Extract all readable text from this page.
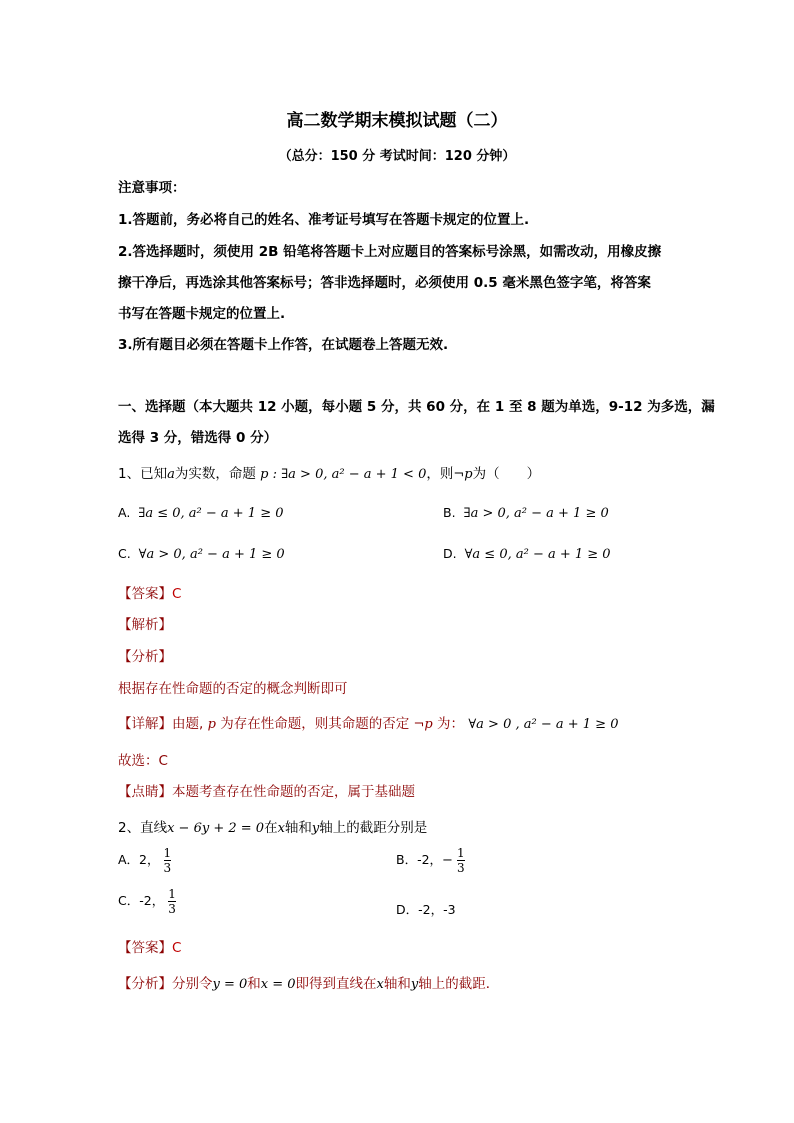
高二数学期末模拟试题（二）
（总分：150 分 考试时间：120 分钟）
注意事项：
1.答题前，务必将自己的姓名、准考证号填写在答题卡规定的位置上.
2.答选择题时，须使用 2B 铅笔将答题卡上对应题目的答案标号涂黑，如需改动，用橡皮擦
擦干净后，再选涂其他答案标号；答非选择题时，必须使用 0.5 毫米黑色签字笔，将答案
书写在答题卡规定的位置上.
3.所有题目必须在答题卡上作答，在试题卷上答题无效.
一、选择题（本大题共 12 小题，每小题 5 分，共 60 分，在 1 至 8 题为单选，9-12 为多选，漏
选得 3 分，错选得 0 分）
1、已知a为实数，命题 p : ∃a > 0, a² − a + 1 < 0，则¬p为（　　）
A. ∃a ≤ 0, a² − a + 1 ≥ 0	B. ∃a > 0, a² − a + 1 ≥ 0
C. ∀a > 0, a² − a + 1 ≥ 0	D. ∀a ≤ 0, a² − a + 1 ≥ 0
【答案】C
【解析】
【分析】
根据存在性命题的否定的概念判断即可
【详解】由题, p 为存在性命题，则其命题的否定 ¬p 为： ∀a > 0 , a² − a + 1 ≥ 0
故选：C
【点睛】本题考查存在性命题的否定，属于基础题
2、直线x − 6y + 2 = 0在x轴和y轴上的截距分别是
A．2， $\frac{1}{3}$	B．-2，− $\frac{1}{3}$
C．-2， $\frac{1}{3}$	D．-2，-3
【答案】C
【分析】分别令y = 0和x = 0即得到直线在x轴和y轴上的截距．
